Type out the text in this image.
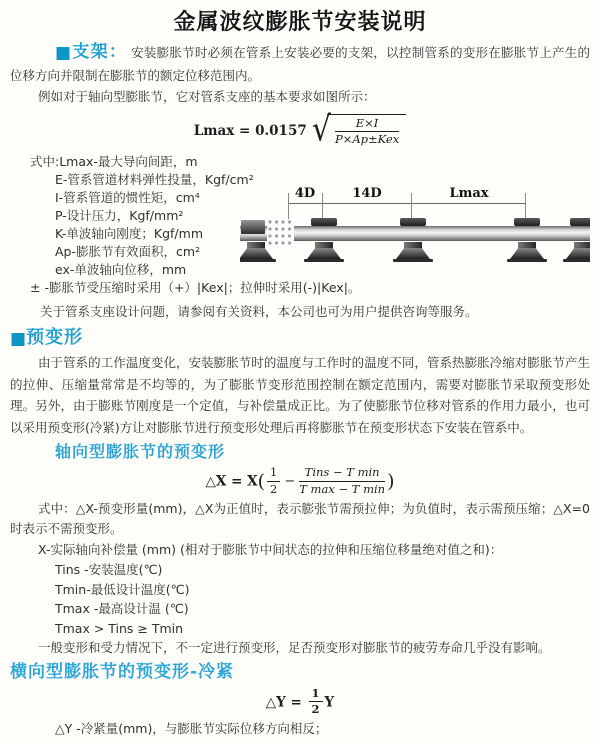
金属波纹膨胀节安装说明

■支架： 安装膨胀节时必须在管系上安装必要的支架，以控制管系的变形在膨胀节上产生的位移方向并限制在膨胀节的额定位移范围内。

例如对于轴向型膨胀节，它对管系支座的基本要求如图所示：

Lmax = 0.0157 √ $\frac{E\times I}{\text{P×Ap±Kex}}$
式中:Lmax-最大导向间距，m
E-管系管道材料弹性投量，Kgf/cm²
I-管系管道的惯性矩，cm⁴
P-设计压力，Kgf/mm²
K-单波轴向刚度；Kgf/mm
Ap-膨胀节有效面积，cm²
ex-单波轴向位移，mm
± -膨胀节受压缩时采用（+）|Kex|；拉伸时采用(-)|Kex|。
4D	14D	Lmax

关于管系支座设计问题，请参阅有关资料，本公司也可为用户提供咨询等服务。

■预变形

由于管系的工作温度变化，安装膨胀节时的温度与工作时的温度不同，管系热膨胀冷缩对膨胀节产生的拉伸、压缩量常常是不均等的，为了膨胀节变形范围控制在额定范围内，需要对膨胀节采取预变形处理。另外，由于膨账节刚度是一个定值，与补偿量成正比。为了使膨胀节位移对管系的作用力最小，也可以采用预变形(冷紧)方让对膨胀节进行预变形处理后再将膨胀节在预变形状态下安装在管系中。

轴向型膨胀节的预变形
△X = $X( \frac{1}{2} - \frac{\text{Tins − T min}}{\text{T max − T min}}$ )

式中：△X-预变形量(mm)，△X为正值时，表示膨张节需预拉伸；为负值时，表示需预压缩；△X=0时表示不需预变形。

X-实际轴向补偿量 (mm) (相对于膨胀节中间状态的拉伸和压缩位移量绝对值之和)：

Tins -安装温度(℃)

Tmin-最低设计温度(℃)

Tmax -最高设计温 (℃)

Tmax > Tins ≥ Tmin

一般变形和受力情况下，不一定进行预变形，足否预变形对膨胀节的疲劳寿命几乎没有影响。

横向型膨胀节的预变形-冷紧
△Y = $\frac{1}{2}$ Y

△Y -冷紧量(mm)，与膨胀节实际位移方向相反；
